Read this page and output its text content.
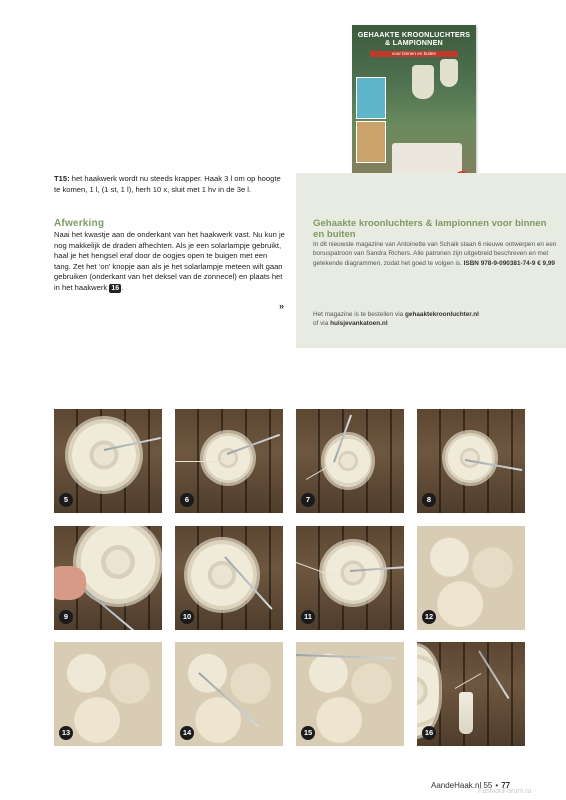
GEHAAKTE KROONLUCHTERS & LAMPIONNEN
voor binnen en buiten
Gehaakte kroonluchters & lampionnen voor binnen en buiten
In dit nieuwste magazine van Antoinette van Schaik staan 6 nieuwe ontwerpen en een bonuspatroon van Sandra Richers. Alle patronen zijn uitgebreid beschreven en met getekende diagrammen, zodat het goed te volgen is. ISBN 978-9-090381-74-9 € 9,99
Het magazine is te bestellen via gehaaktekroonluchter.nl
of via huisjevankatoen.nl
T15: het haakwerk wordt nu steeds krapper. Haak 3 l om op hoogte te komen, 1 l, (1 st, 1 l), herh 10 x, sluit met 1 hv in de 3e l.
Afwerking
Naai het kwastje aan de onderkant van het haakwerk vast. Nu kun je nog makkelijk de draden afhechten. Als je een solarlampje gebruikt, haal je het hengsel eraf door de oogjes open te buigen met een tang. Zet het ‘on’ knopje aan als je het solarlampje meteen wilt gaan gebruiken (onderkant van het deksel van de zonnecel) en plaats het in het haakwerk 16 .
»
5	6	7	8
9	10	11	12
13	14	15	16
AandeHaak.nl 55 • 77
FashionForum.ru
